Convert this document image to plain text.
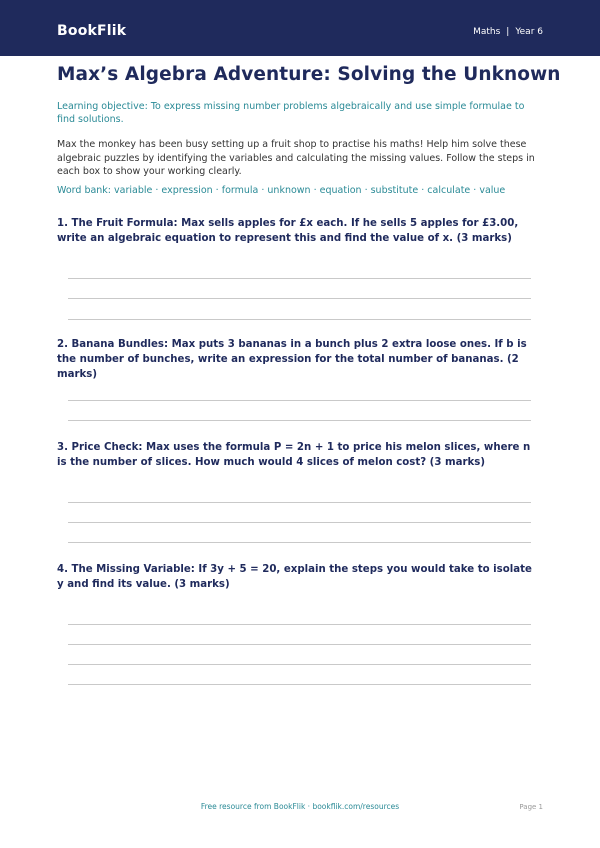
BookFlik	Maths | Year 6
Max’s Algebra Adventure: Solving the Unknown

Learning objective: To express missing number problems algebraically and use simple formulae to find solutions.

Max the monkey has been busy setting up a fruit shop to practise his maths! Help him solve these algebraic puzzles by identifying the variables and calculating the missing values. Follow the steps in each box to show your working clearly.

Word bank: variable · expression · formula · unknown · equation · substitute · calculate · value

1. The Fruit Formula: Max sells apples for £x each. If he sells 5 apples for £3.00, write an algebraic equation to represent this and find the value of x. (3 marks)

2. Banana Bundles: Max puts 3 bananas in a bunch plus 2 extra loose ones. If b is the number of bunches, write an expression for the total number of bananas. (2 marks)

3. Price Check: Max uses the formula P = 2n + 1 to price his melon slices, where n is the number of slices. How much would 4 slices of melon cost? (3 marks)

4. The Missing Variable: If 3y + 5 = 20, explain the steps you would take to isolate y and find its value. (3 marks)

Free resource from BookFlik · bookflik.com/resources	Page 1
